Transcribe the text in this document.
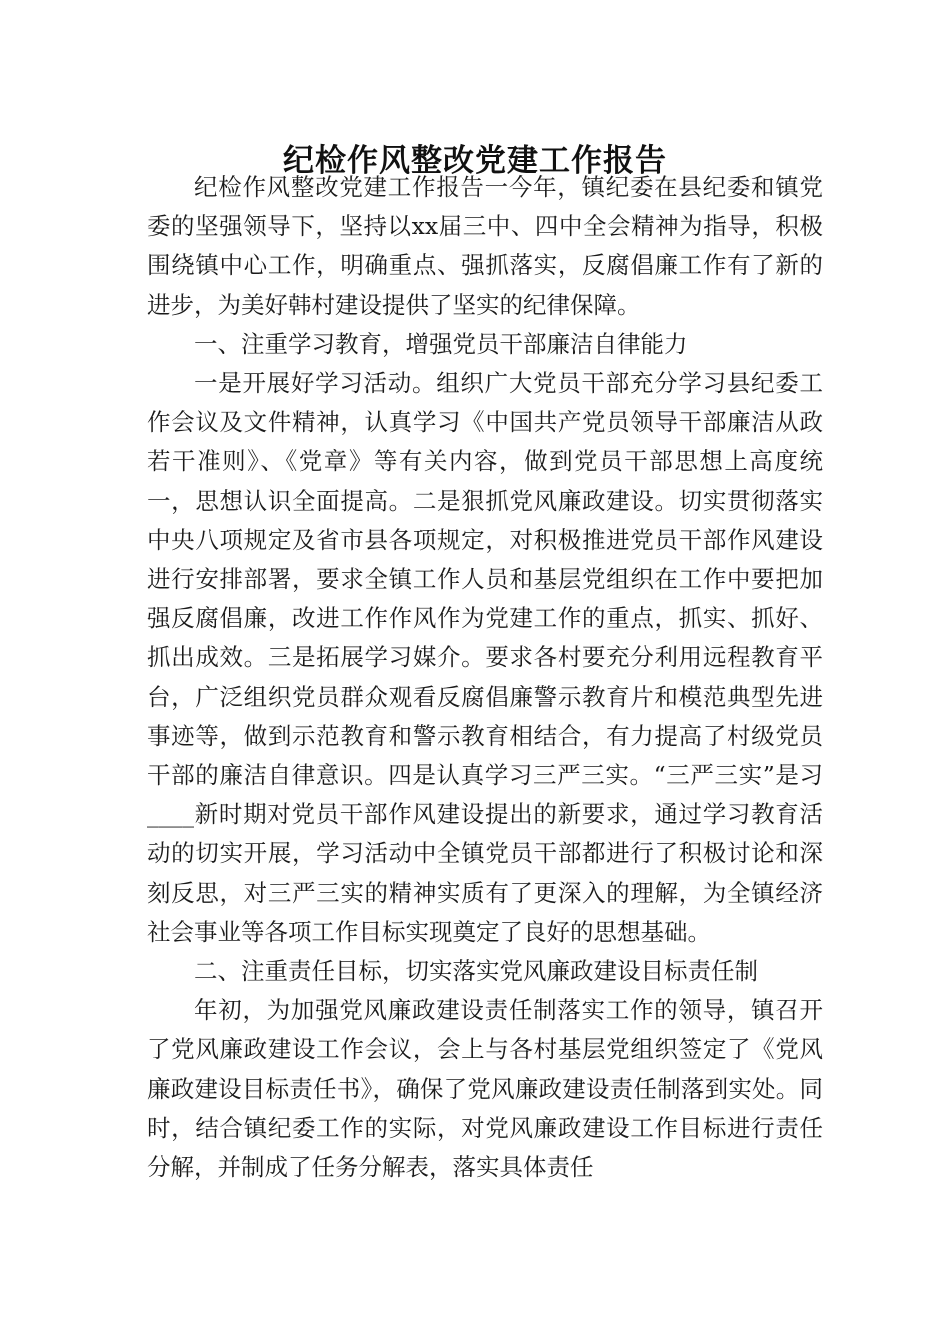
纪检作风整改党建工作报告

纪检作风整改党建工作报告一今年，镇纪委在县纪委和镇党委的坚强领导下，坚持以xx届三中、四中全会精神为指导，积极围绕镇中心工作，明确重点、强抓落实，反腐倡廉工作有了新的进步，为美好韩村建设提供了坚实的纪律保障。

一、注重学习教育，增强党员干部廉洁自律能力

一是开展好学习活动。组织广大党员干部充分学习县纪委工作会议及文件精神，认真学习《中国共产党员领导干部廉洁从政若干准则》、《党章》等有关内容，做到党员干部思想上高度统一，思想认识全面提高。二是狠抓党风廉政建设。切实贯彻落实中央八项规定及省市县各项规定，对积极推进党员干部作风建设进行安排部署，要求全镇工作人员和基层党组织在工作中要把加强反腐倡廉，改进工作作风作为党建工作的重点，抓实、抓好、抓出成效。三是拓展学习媒介。要求各村要充分利用远程教育平台，广泛组织党员群众观看反腐倡廉警示教育片和模范典型先进事迹等，做到示范教育和警示教育相结合，有力提高了村级党员干部的廉洁自律意识。四是认真学习三严三实。“三严三实”是习____新时期对党员干部作风建设提出的新要求，通过学习教育活动的切实开展，学习活动中全镇党员干部都进行了积极讨论和深刻反思，对三严三实的精神实质有了更深入的理解，为全镇经济社会事业等各项工作目标实现奠定了良好的思想基础。

二、注重责任目标，切实落实党风廉政建设目标责任制

年初，为加强党风廉政建设责任制落实工作的领导，镇召开了党风廉政建设工作会议，会上与各村基层党组织签定了《党风廉政建设目标责任书》，确保了党风廉政建设责任制落到实处。同时，结合镇纪委工作的实际，对党风廉政建设工作目标进行责任分解，并制成了任务分解表，落实具体责任
